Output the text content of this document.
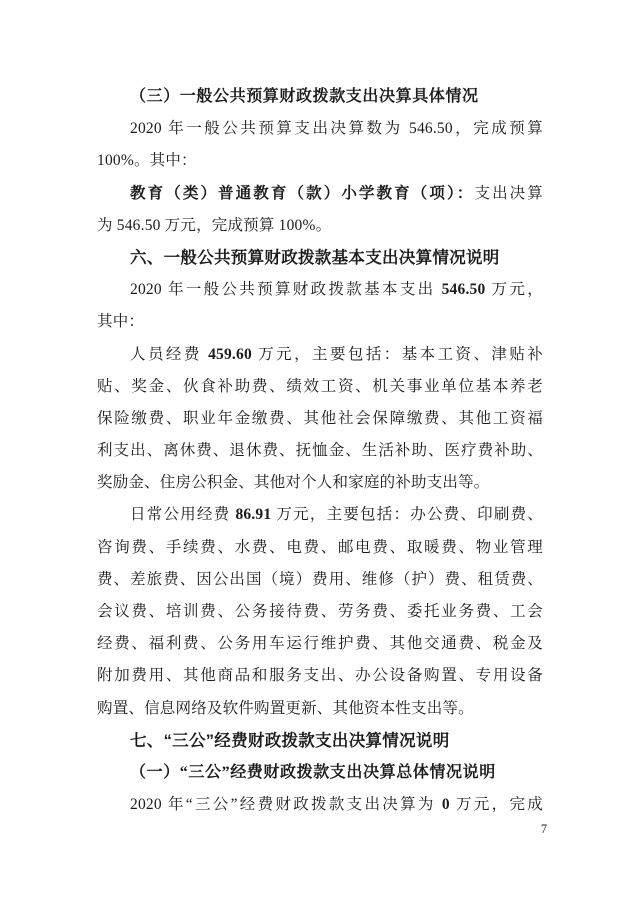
（三）一般公共预算财政拨款支出决算具体情况
2020 年一般公共预算支出决算数为 546.50，完成预算
100%。其中：
教育（类）普通教育（款）小学教育（项）：支出决算
为 546.50 万元，完成预算 100%。
六、一般公共预算财政拨款基本支出决算情况说明
2020 年一般公共预算财政拨款基本支出 546.50 万元，
其中：
人员经费 459.60 万元，主要包括：基本工资、津贴补
贴、奖金、伙食补助费、绩效工资、机关事业单位基本养老
保险缴费、职业年金缴费、其他社会保障缴费、其他工资福
利支出、离休费、退休费、抚恤金、生活补助、医疗费补助、
奖励金、住房公积金、其他对个人和家庭的补助支出等。
日常公用经费 86.91 万元，主要包括：办公费、印刷费、
咨询费、手续费、水费、电费、邮电费、取暖费、物业管理
费、差旅费、因公出国（境）费用、维修（护）费、租赁费、
会议费、培训费、公务接待费、劳务费、委托业务费、工会
经费、福利费、公务用车运行维护费、其他交通费、税金及
附加费用、其他商品和服务支出、办公设备购置、专用设备
购置、信息网络及软件购置更新、其他资本性支出等。
七、“三公”经费财政拨款支出决算情况说明
（一）“三公”经费财政拨款支出决算总体情况说明
2020 年“三公”经费财政拨款支出决算为 0 万元，完成
7
